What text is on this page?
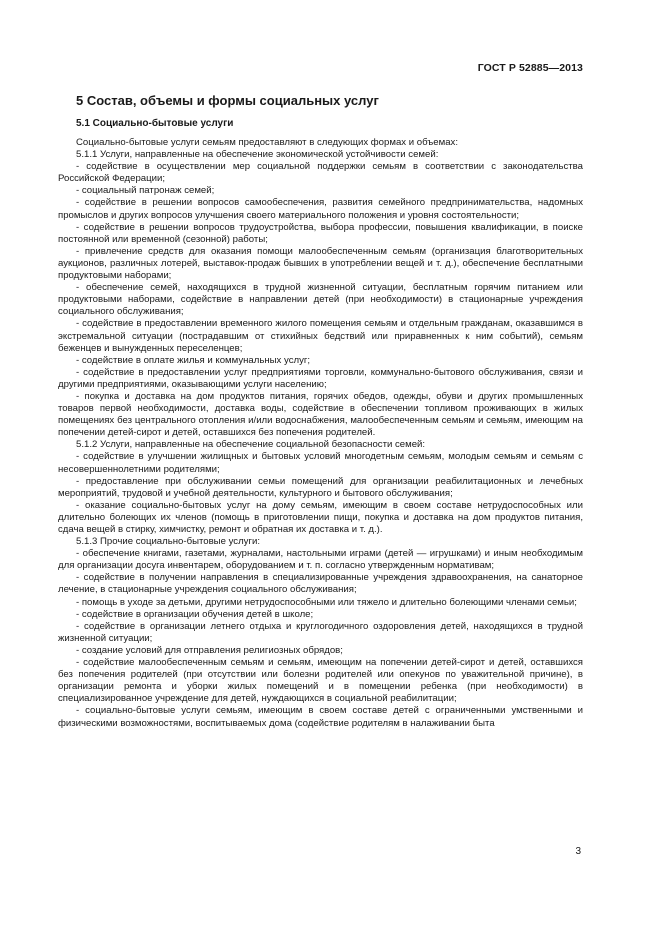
ГОСТ Р 52885—2013
5 Состав, объемы и формы социальных услуг
5.1 Социально-бытовые услуги

Социально-бытовые услуги семьям предоставляют в следующих формах и объемах:

5.1.1 Услуги, направленные на обеспечение экономической устойчивости семей:

- содействие в осуществлении мер социальной поддержки семьям в соответствии с законодательства Российской Федерации;

- социальный патронаж семей;

- содействие в решении вопросов самообеспечения, развития семейного предпринимательства, надомных промыслов и других вопросов улучшения своего материального положения и уровня состоятельности;

- содействие в решении вопросов трудоустройства, выбора профессии, повышения квалификации, в поиске постоянной или временной (сезонной) работы;

- привлечение средств для оказания помощи малообеспеченным семьям (организация благотворительных аукционов, различных лотерей, выставок-продаж бывших в употреблении вещей и т. д.), обеспечение бесплатными продуктовыми наборами;

- обеспечение семей, находящихся в трудной жизненной ситуации, бесплатным горячим питанием или продуктовыми наборами, содействие в направлении детей (при необходимости) в стационарные учреждения социального обслуживания;

- содействие в предоставлении временного жилого помещения семьям и отдельным гражданам, оказавшимся в экстремальной ситуации (пострадавшим от стихийных бедствий или приравненных к ним событий), семьям беженцев и вынужденных переселенцев;

- содействие в оплате жилья и коммунальных услуг;

- содействие в предоставлении услуг предприятиями торговли, коммунально-бытового обслуживания, связи и другими предприятиями, оказывающими услуги населению;

- покупка и доставка на дом продуктов питания, горячих обедов, одежды, обуви и других промышленных товаров первой необходимости, доставка воды, содействие в обеспечении топливом проживающих в жилых помещениях без центрального отопления и/или водоснабжения, малообеспеченным семьям и семьям, имеющим на попечении детей-сирот и детей, оставшихся без попечения родителей.

5.1.2 Услуги, направленные на обеспечение социальной безопасности семей:

- содействие в улучшении жилищных и бытовых условий многодетным семьям, молодым семьям и семьям с несовершеннолетними родителями;

- предоставление при обслуживании семьи помещений для организации реабилитационных и лечебных мероприятий, трудовой и учебной деятельности, культурного и бытового обслуживания;

- оказание социально-бытовых услуг на дому семьям, имеющим в своем составе нетрудоспособных или длительно болеющих их членов (помощь в приготовлении пищи, покупка и доставка на дом продуктов питания, сдача вещей в стирку, химчистку, ремонт и обратная их доставка и т. д.).

5.1.3 Прочие социально-бытовые услуги:

- обеспечение книгами, газетами, журналами, настольными играми (детей — игрушками) и иным необходимым для организации досуга инвентарем, оборудованием и т. п. согласно утвержденным нормативам;

- содействие в получении направления в специализированные учреждения здравоохранения, на санаторное лечение, в стационарные учреждения социального обслуживания;

- помощь в уходе за детьми, другими нетрудоспособными или тяжело и длительно болеющими членами семьи;

- содействие в организации обучения детей в школе;

- содействие в организации летнего отдыха и круглогодичного оздоровления детей, находящихся в трудной жизненной ситуации;

- создание условий для отправления религиозных обрядов;

- содействие малообеспеченным семьям и семьям, имеющим на попечении детей-сирот и детей, оставшихся без попечения родителей (при отсутствии или болезни родителей или опекунов по уважительной причине), в организации ремонта и уборки жилых помещений и в помещении ребенка (при необходимости) в специализированное учреждение для детей, нуждающихся в социальной реабилитации;

- социально-бытовые услуги семьям, имеющим в своем составе детей с ограниченными умственными и физическими возможностями, воспитываемых дома (содействие родителям в налаживании быта

3
